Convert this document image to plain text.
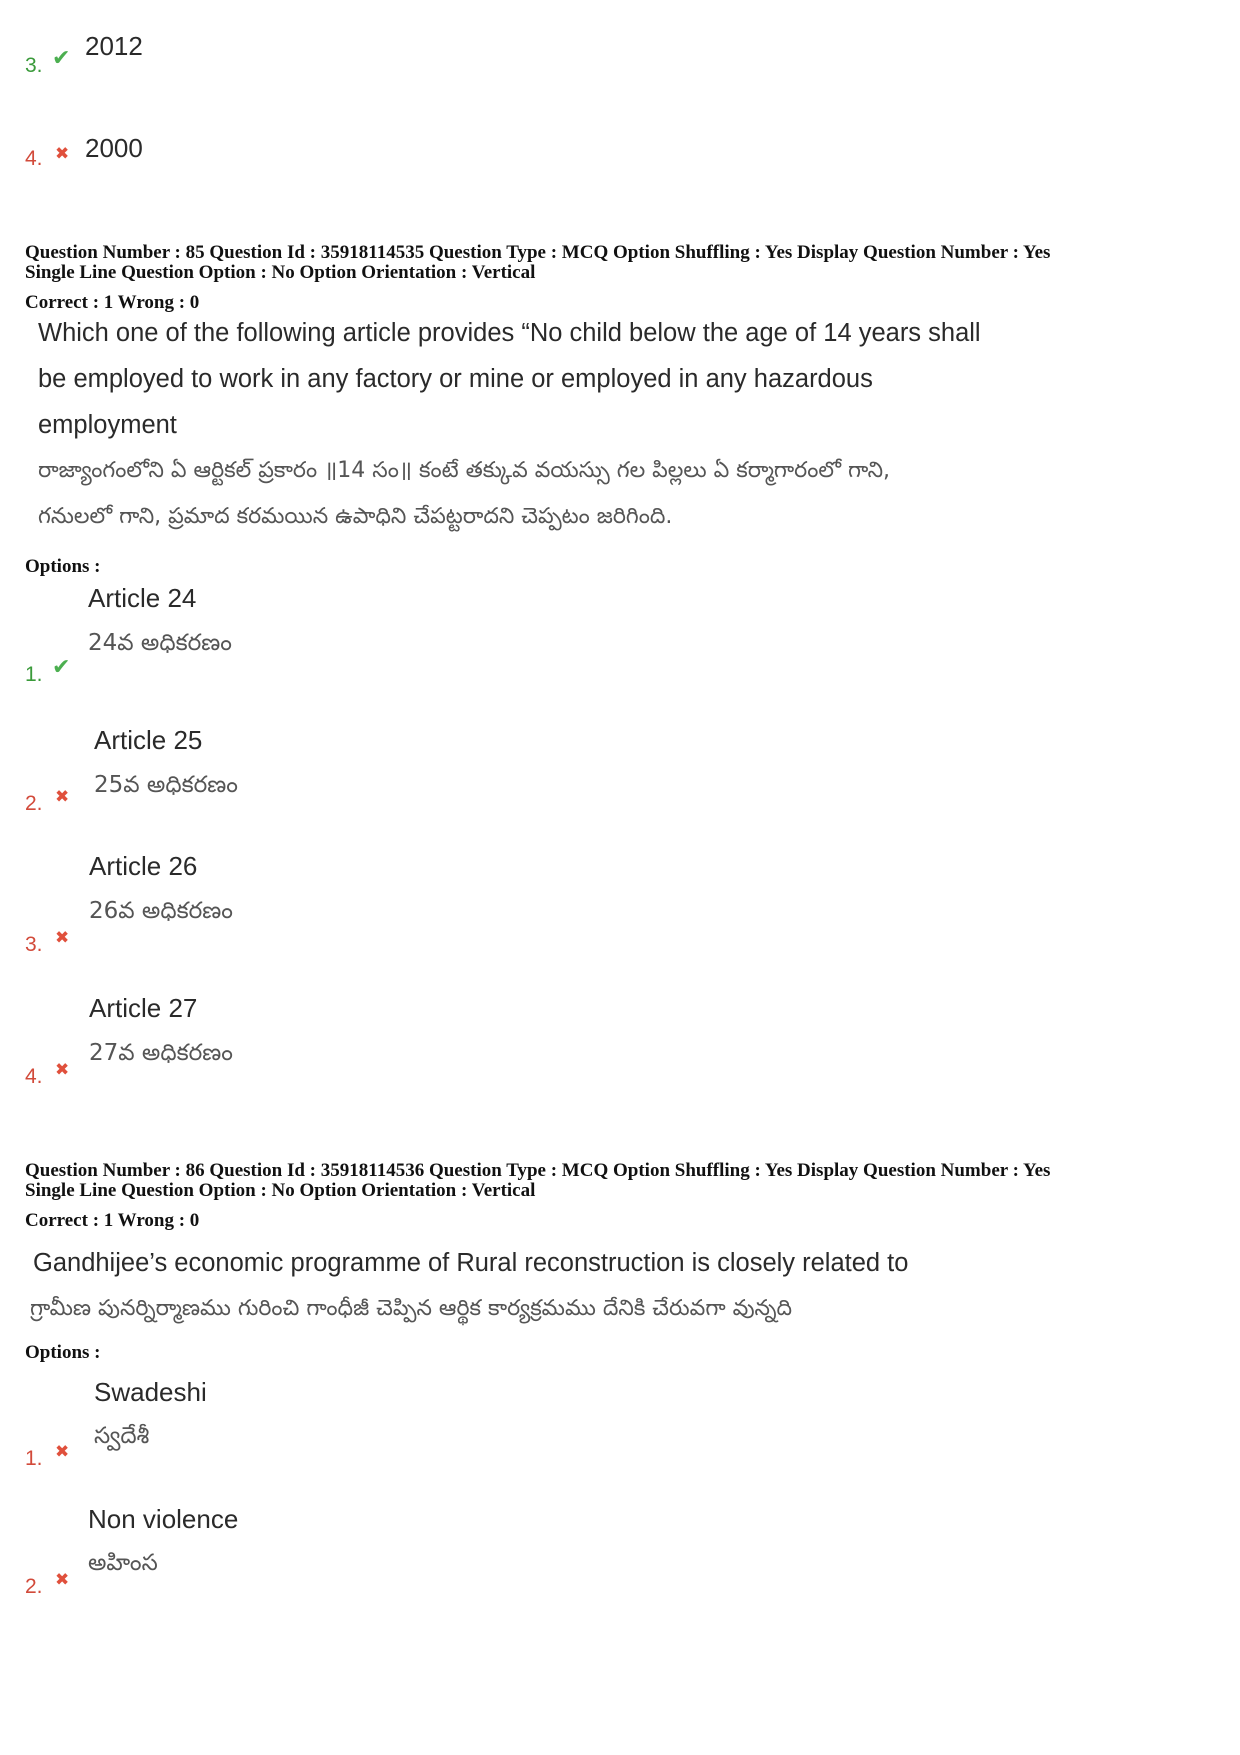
3. ✔ 2012
4. ✖ 2000
Question Number : 85 Question Id : 35918114535 Question Type : MCQ Option Shuffling : Yes Display Question Number : Yes
Single Line Question Option : No Option Orientation : Vertical
Correct : 1 Wrong : 0
Which one of the following article provides “No child below the age of 14 years shall
be employed to work in any factory or mine or employed in any hazardous
employment
రాజ్యాంగంలోని ఏ ఆర్టికల్ ప్రకారం ॥14 సం॥ కంటే తక్కువ వయస్సు గల పిల్లలు ఏ కర్మాగారంలో గాని,
గనులలో గాని, ప్రమాద కరమయిన ఉపాధిని చేపట్టరాదని చెప్పటం జరిగింది.
Options :
Article 24
24వ అధికరణం
1. ✔
Article 25
25వ అధికరణం
2. ✖
Article 26
26వ అధికరణం
3. ✖
Article 27
27వ అధికరణం
4. ✖
Question Number : 86 Question Id : 35918114536 Question Type : MCQ Option Shuffling : Yes Display Question Number : Yes
Single Line Question Option : No Option Orientation : Vertical
Correct : 1 Wrong : 0
Gandhijee’s economic programme of Rural reconstruction is closely related to
గ్రామీణ పునర్నిర్మాణము గురించి గాంధీజీ చెప్పిన ఆర్థిక కార్యక్రమము దేనికి చేరువగా వున్నది
Options :
Swadeshi
స్వదేశీ
1. ✖
Non violence
అహింస
2. ✖
